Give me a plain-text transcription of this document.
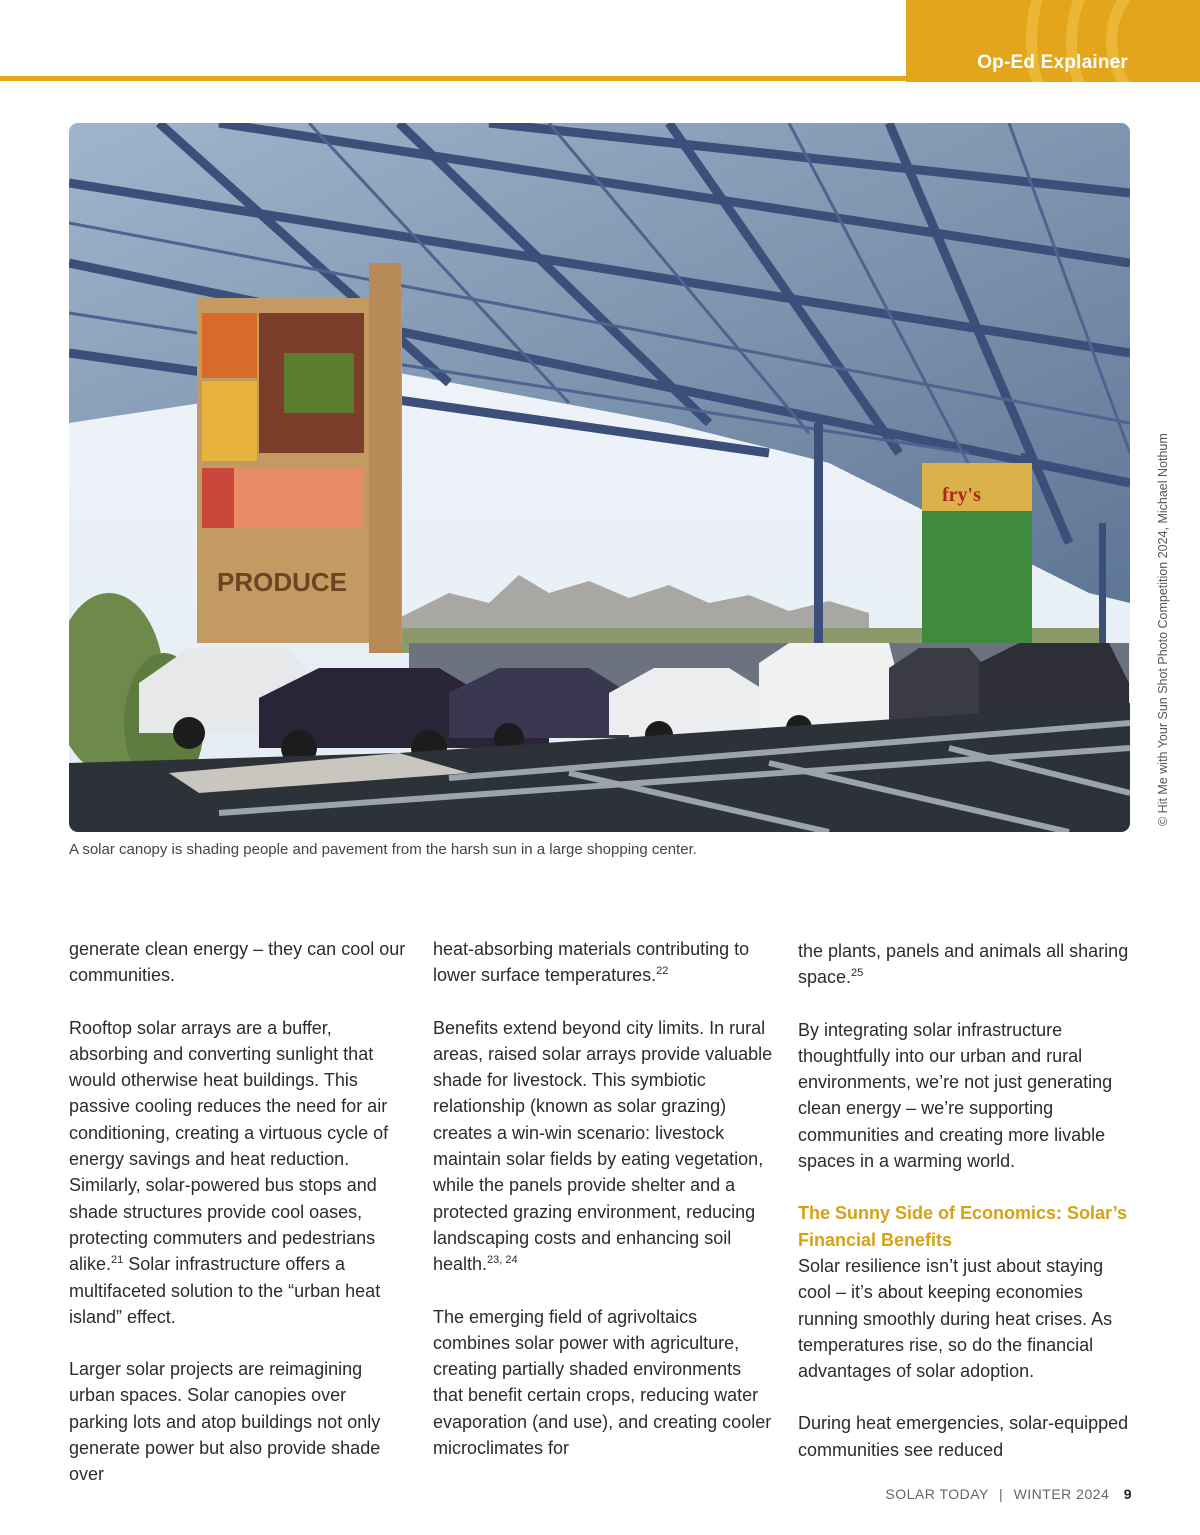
Op-Ed Explainer
PRODUCE
fry's	© Hit Me with Your Sun Shot Photo Competition 2024, Michael Nothum
A solar canopy is shading people and pavement from the harsh sun in a large shopping center.

generate clean energy – they can cool our communities.

Rooftop solar arrays are a buffer, absorbing and converting sunlight that would otherwise heat buildings. This passive cooling reduces the need for air conditioning, creating a virtuous cycle of energy savings and heat reduction. Similarly, solar-powered bus stops and shade structures provide cool oases, protecting commuters and pedestrians alike.$^{21}$ Solar infrastructure offers a multifaceted solution to the “urban heat island” effect.

Larger solar projects are reimagining urban spaces. Solar canopies over parking lots and atop buildings not only generate power but also provide shade over

heat-absorbing materials contributing to lower surface temperatures.$^{22}$

Benefits extend beyond city limits. In rural areas, raised solar arrays provide valuable shade for livestock. This symbiotic relationship (known as solar grazing) creates a win-win scenario: livestock maintain solar fields by eating vegetation, while the panels provide shelter and a protected grazing environment, reducing landscaping costs and enhancing soil health.$^{23, 24}$

The emerging field of agrivoltaics combines solar power with agriculture, creating partially shaded environments that benefit certain crops, reducing water evaporation (and use), and creating cooler microclimates for

the plants, panels and animals all sharing space.$^{25}$

By integrating solar infrastructure thoughtfully into our urban and rural environments, we’re not just generating clean energy – we’re supporting communities and creating more livable spaces in a warming world.

The Sunny Side of Economics: Solar’s Financial Benefits

Solar resilience isn’t just about staying cool – it’s about keeping economies running smoothly during heat crises. As temperatures rise, so do the financial advantages of solar adoption.

During heat emergencies, solar-equipped communities see reduced

SOLAR TODAY | WINTER 2024 9
